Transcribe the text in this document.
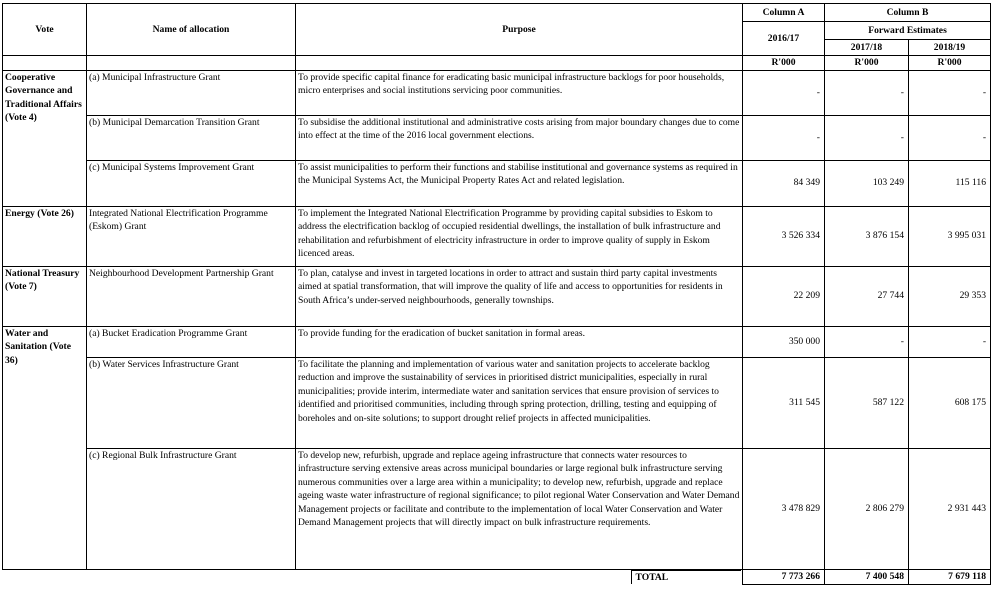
Vote	Name of allocation	Purpose	Column A	Column B	
			2016/17	Forward Estimates	
				2017/18	2018/19
			R'000	R'000	R'000
Cooperative Governance and Traditional Affairs (Vote 4)	(a) Municipal Infrastructure Grant	To provide specific capital finance for eradicating basic municipal infrastructure backlogs for poor households, micro enterprises and social institutions servicing poor communities.	-	-	-
	(b) Municipal Demarcation Transition Grant	To subsidise the additional institutional and administrative costs arising from major boundary changes due to come into effect at the time of the 2016 local government elections.	-	-	-
	(c) Municipal Systems Improvement Grant	To assist municipalities to perform their functions and stabilise institutional and governance systems as required in the Municipal Systems Act, the Municipal Property Rates Act and related legislation.	84 349	103 249	115 116
Energy (Vote 26)	Integrated National Electrification Programme (Eskom) Grant	To implement the Integrated National Electrification Programme by providing capital subsidies to Eskom to address the electrification backlog of occupied residential dwellings, the installation of bulk infrastructure and rehabilitation and refurbishment of electricity infrastructure in order to improve quality of supply in Eskom licenced areas.	3 526 334	3 876 154	3 995 031
National Treasury (Vote 7)	Neighbourhood Development Partnership Grant	To plan, catalyse and invest in targeted locations in order to attract and sustain third party capital investments aimed at spatial transformation, that will improve the quality of life and access to opportunities for residents in South Africa’s under-served neighbourhoods, generally townships.	22 209	27 744	29 353
Water and Sanitation (Vote 36)	(a) Bucket Eradication Programme Grant	To provide funding for the eradication of bucket sanitation in formal areas.	350 000	-	-
	(b) Water Services Infrastructure Grant	To facilitate the planning and implementation of various water and sanitation projects to accelerate backlog reduction and improve the sustainability of services in prioritised district municipalities, especially in rural municipalities; provide interim, intermediate water and sanitation services that ensure provision of services to identified and prioritised communities, including through spring protection, drilling, testing and equipping of boreholes and on-site solutions; to support drought relief projects in affected municipalities.	311 545	587 122	608 175
	(c) Regional Bulk Infrastructure Grant	To develop new, refurbish, upgrade and replace ageing infrastructure that connects water resources to infrastructure serving extensive areas across municipal boundaries or large regional bulk infrastructure serving numerous communities over a large area within a municipality; to develop new, refurbish, upgrade and replace ageing waste water infrastructure of regional significance; to pilot regional Water Conservation and Water Demand Management projects or facilitate and contribute to the implementation of local Water Conservation and Water Demand Management projects that will directly impact on bulk infrastructure requirements.	3 478 829	2 806 279	2 931 443
		TOTAL	7 773 266	7 400 548	7 679 118
